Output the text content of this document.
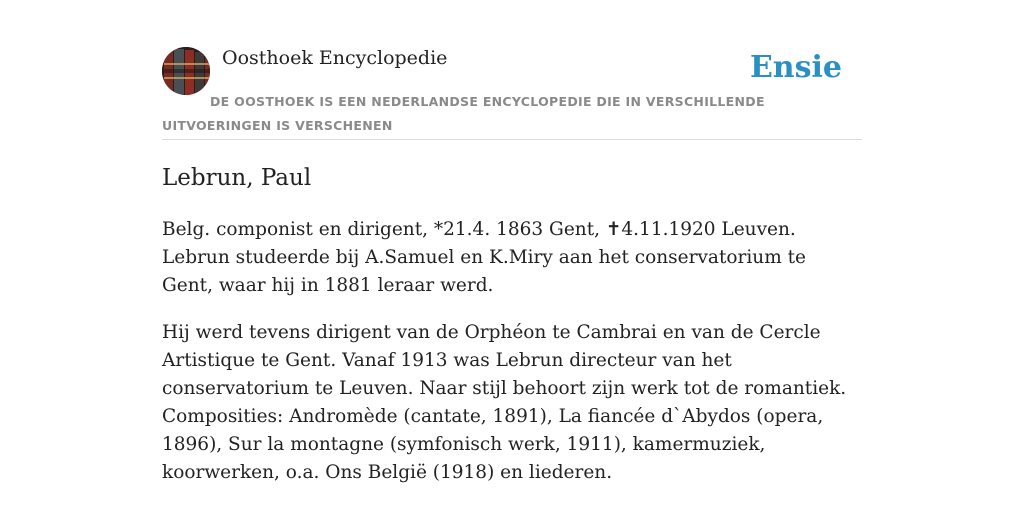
Oosthoek Encyclopedie	Ensie
DE OOSTHOEK IS EEN NEDERLANDSE ENCYCLOPEDIE DIE IN VERSCHILLENDE UITVOERINGEN IS VERSCHENEN
Lebrun, Paul

Belg. componist en dirigent, *21.4. 1863 Gent, ✝4.11.1920 Leuven. Lebrun studeerde bij A.Samuel en K.Miry aan het conservatorium te Gent, waar hij in 1881 leraar werd.

Hij werd tevens dirigent van de Orphéon te Cambrai en van de Cercle Artistique te Gent. Vanaf 1913 was Lebrun directeur van het conservatorium te Leuven. Naar stijl behoort zijn werk tot de romantiek. Composities: Andromède (cantate, 1891), La fiancée d`Abydos (opera, 1896), Sur la montagne (symfonisch werk, 1911), kamermuziek, koorwerken, o.a. Ons België (1918) en liederen.
